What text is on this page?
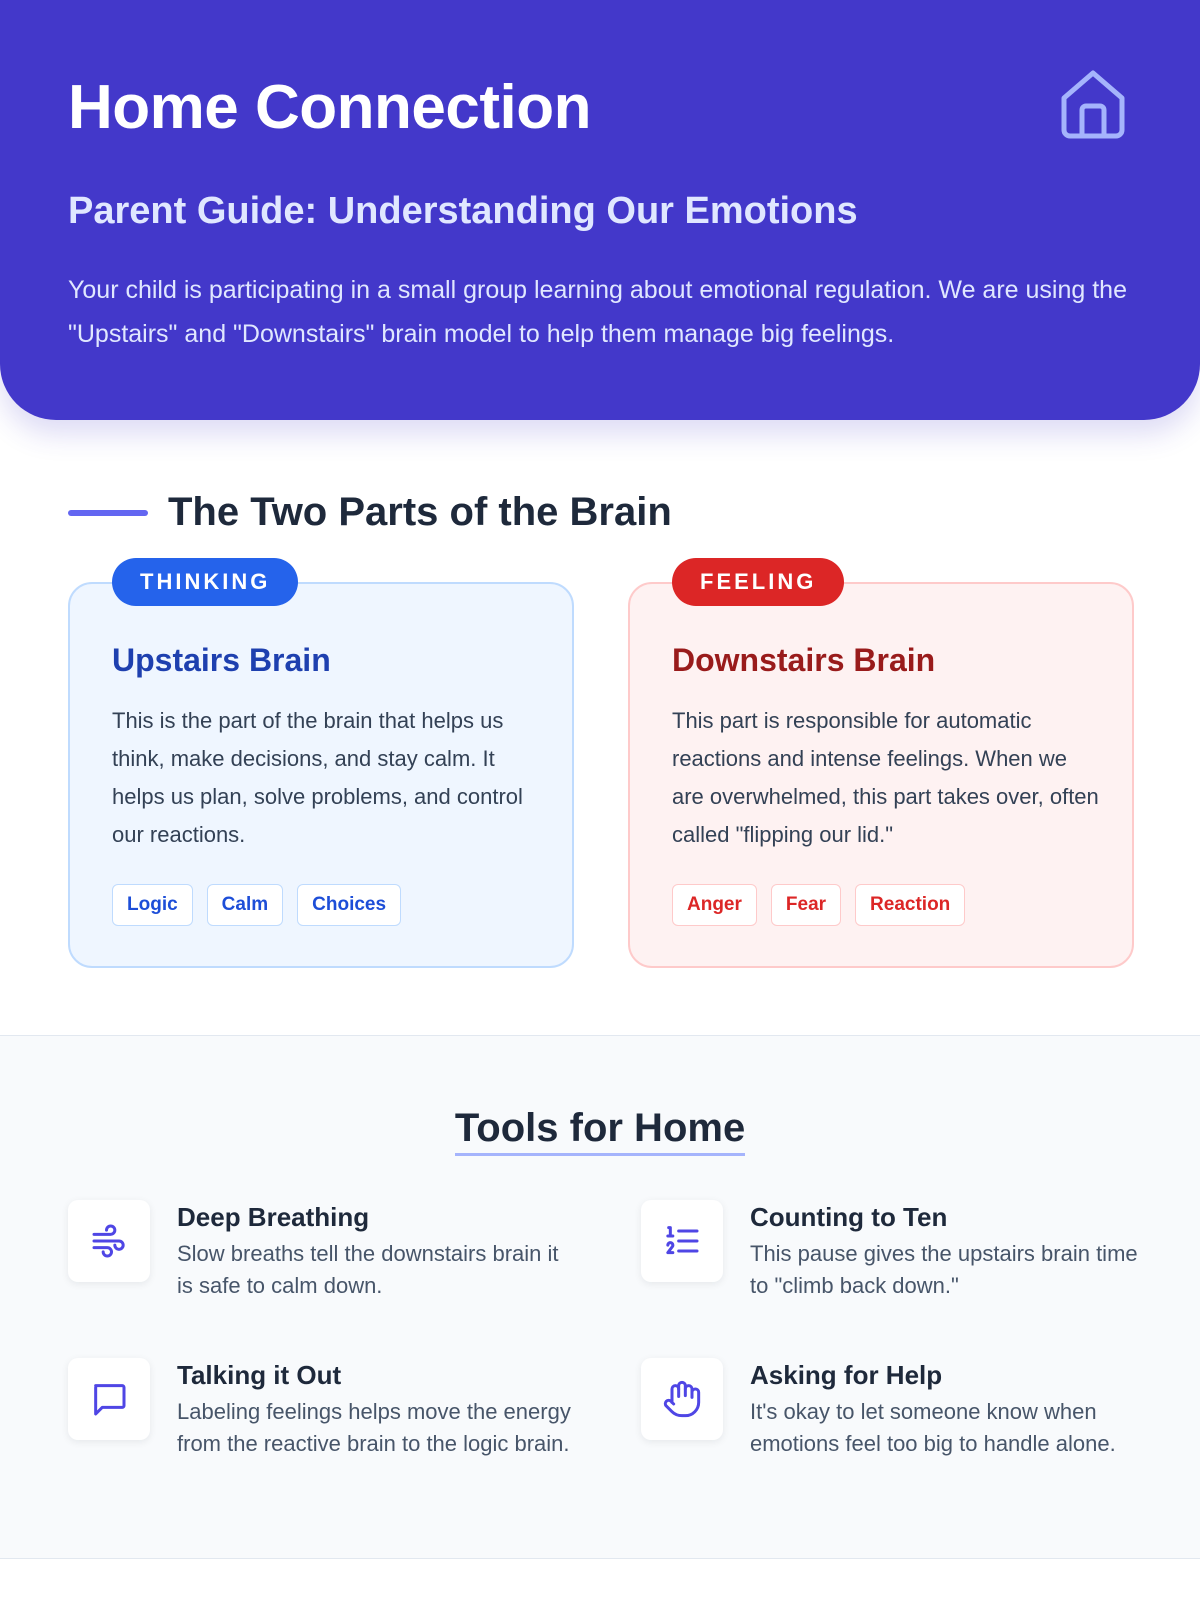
Home Connection
Parent Guide: Understanding Our Emotions

Your child is participating in a small group learning about emotional regulation. We are using the "Upstairs" and "Downstairs" brain model to help them manage big feelings.

The Two Parts of the Brain
THINKING
Upstairs Brain

This is the part of the brain that helps us think, make decisions, and stay calm. It helps us plan, solve problems, and control our reactions.

Logic	Calm	Choices
FEELING
Downstairs Brain

This part is responsible for automatic reactions and intense feelings. When we are overwhelmed, this part takes over, often called "flipping our lid."

Anger	Fear	Reaction
Tools for Home
Deep Breathing
Slow breaths tell the downstairs brain it is safe to calm down.
Counting to Ten
This pause gives the upstairs brain time to "climb back down."
Talking it Out
Labeling feelings helps move the energy from the reactive brain to the logic brain.
Asking for Help
It's okay to let someone know when emotions feel too big to handle alone.
